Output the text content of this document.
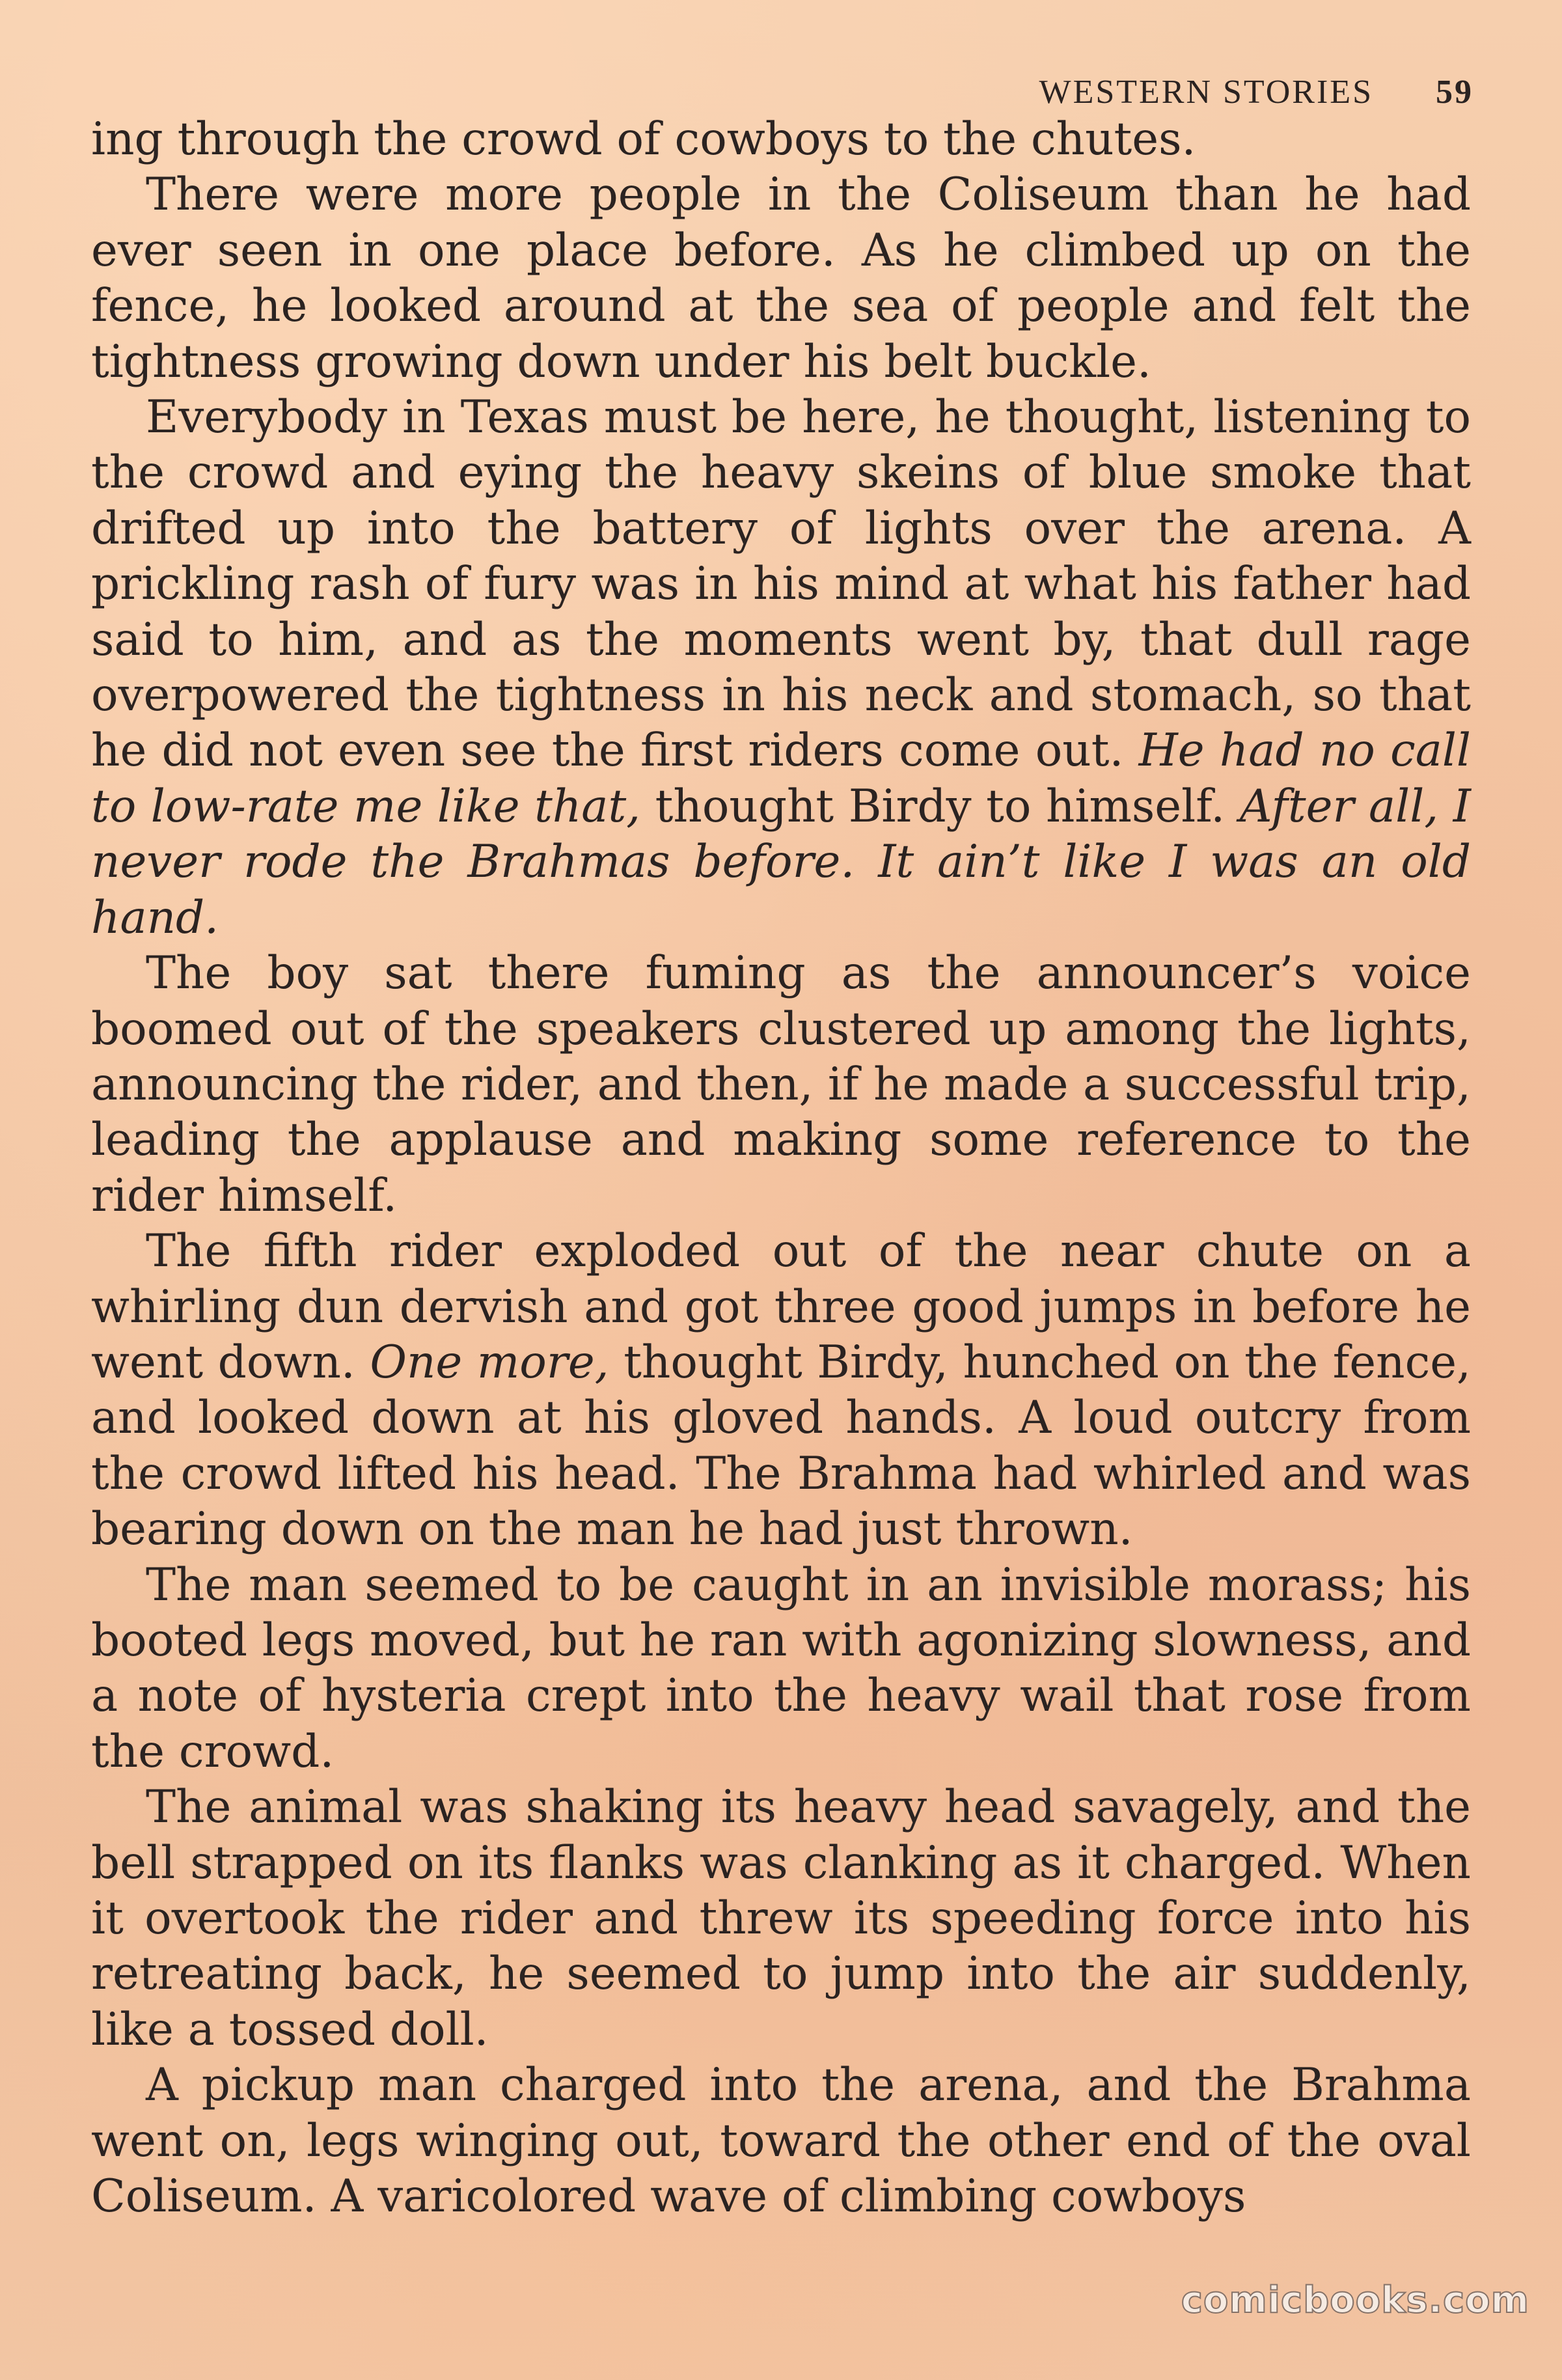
WESTERN STORIES 59

ing through the crowd of cowboys to the chutes.

There were more people in the Coliseum than he had ever seen in one place before. As he climbed up on the fence, he looked around at the sea of people and felt the tightness growing down under his belt buckle.

Everybody in Texas must be here, he thought, listening to the crowd and eying the heavy skeins of blue smoke that drifted up into the battery of lights over the arena. A prickling rash of fury was in his mind at what his father had said to him, and as the moments went by, that dull rage overpowered the tightness in his neck and stomach, so that he did not even see the first riders come out. He had no call to low-rate me like that, thought Birdy to himself. After all, I never rode the Brahmas before. It ain’t like I was an old hand.

The boy sat there fuming as the announcer’s voice boomed out of the speakers clustered up among the lights, announcing the rider, and then, if he made a successful trip, leading the applause and making some reference to the rider himself.

The fifth rider exploded out of the near chute on a whirling dun dervish and got three good jumps in before he went down. One more, thought Birdy, hunched on the fence, and looked down at his gloved hands. A loud outcry from the crowd lifted his head. The Brahma had whirled and was bearing down on the man he had just thrown.

The man seemed to be caught in an invisible morass; his booted legs moved, but he ran with agonizing slowness, and a note of hysteria crept into the heavy wail that rose from the crowd.

The animal was shaking its heavy head savagely, and the bell strapped on its flanks was clanking as it charged. When it overtook the rider and threw its speeding force into his retreating back, he seemed to jump into the air suddenly, like a tossed doll.

A pickup man charged into the arena, and the Brahma went on, legs winging out, toward the other end of the oval Coliseum. A varicolored wave of climbing cowboys

comicbooks.com
